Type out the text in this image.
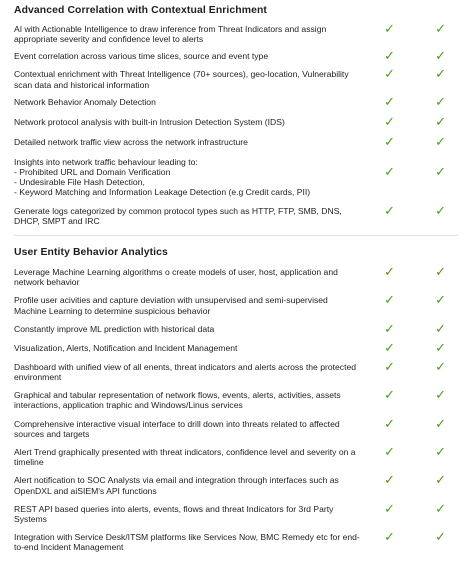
Advanced Correlation with Contextual Enrichment
AI with Actionable Intelligence to draw inference from Threat Indicators and assign appropriate severity and confidence level to alerts
✓	✓
Event correlation across various time slices, source and event type	✓	✓
Contextual enrichment with Threat Intelligence (70+ sources), geo-location, Vulnerability scan data and historical information
✓	✓
Network Behavior Anomaly Detection	✓	✓
Network protocol analysis with built-in Intrusion Detection System (IDS)	✓	✓
Detailed network traffic view across the network infrastructure	✓	✓
Insights into network traffic behaviour leading to:
- Prohibited URL and Domain Verification
- Undesirable File Hash Detection,
- Keyword Matching and Information Leakage Detection (e.g Credit cards, PII)
✓	✓
Generate logs categorized by common protocol types such as HTTP, FTP, SMB, DNS, DHCP, SMPT and IRC
✓	✓
User Entity Behavior Analytics
Leverage Machine Learning algorithms o create models of user, host, application and network behavior
✓	✓
Profile user acivities and capture deviation with unsupervised and semi-supervised Machine Learning to determine suspicious behavior
✓	✓
Constantly improve ML prediction with historical data	✓	✓
Visualization, Alerts, Notification and Incident Management	✓	✓
Dashboard with unified view of all enents, threat indicators and alerts across the protected environment
✓	✓
Graphical and tabular representation of network flows, events, alerts, activities, assets interactions, application traphic and Windows/Linus services
✓	✓
Comprehensive interactive visual interface to drill down into threats related to affected sources and targets
✓	✓
Alert Trend graphically presented with threat indicators, confidence level and severity on a timeline
✓	✓
Alert notification to SOC Analysts via email and integration through interfaces such as OpenDXL and aiSIEM's API functions
✓	✓
REST API based queries into alerts, events, flows and threat Indicators for 3rd Party Systems
✓	✓
Integration with Service Desk/ITSM platforms like Services Now, BMC Remedy etc for end-to-end Incident Management
✓	✓
